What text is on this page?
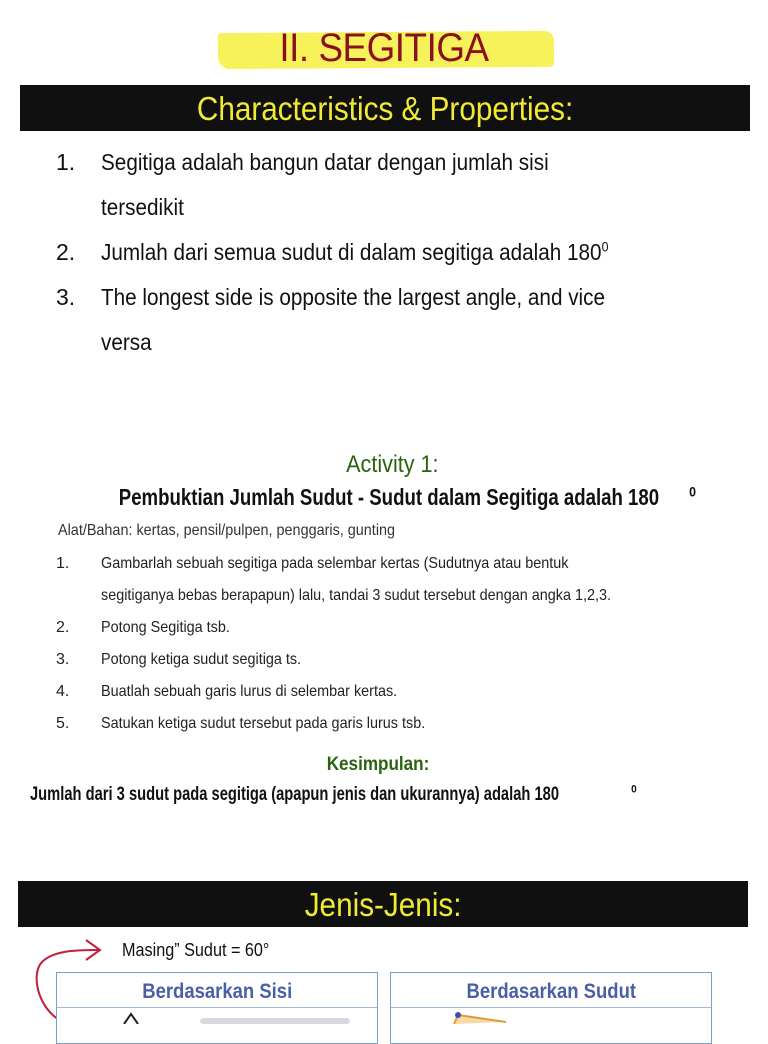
II. SEGITIGA
Characteristics & Properties:
1.	Segitiga adalah bangun datar dengan jumlah sisi
tersedikit
2.	Jumlah dari semua sudut di dalam segitiga adalah $180^0$
3.	The longest side is opposite the largest angle, and vice
versa
Activity 1:
Pembuktian Jumlah Sudut - Sudut dalam Segitiga adalah 180 $^0$
Alat/Bahan: kertas, pensil/pulpen, penggaris, gunting
1.	Gambarlah sebuah segitiga pada selembar kertas (Sudutnya atau bentuk
segitiganya bebas berapapun) lalu, tandai 3 sudut tersebut dengan angka 1,2,3.
2.	Potong Segitiga tsb.
3.	Potong ketiga sudut segitiga ts.
4.	Buatlah sebuah garis lurus di selembar kertas.
5.	Satukan ketiga sudut tersebut pada garis lurus tsb.
Kesimpulan:
Jumlah dari 3 sudut pada segitiga (apapun jenis dan ukurannya) adalah 180	$^0$
Jenis-Jenis:
Masing” Sudut = 60°
Berdasarkan Sisi	Berdasarkan Sudut
